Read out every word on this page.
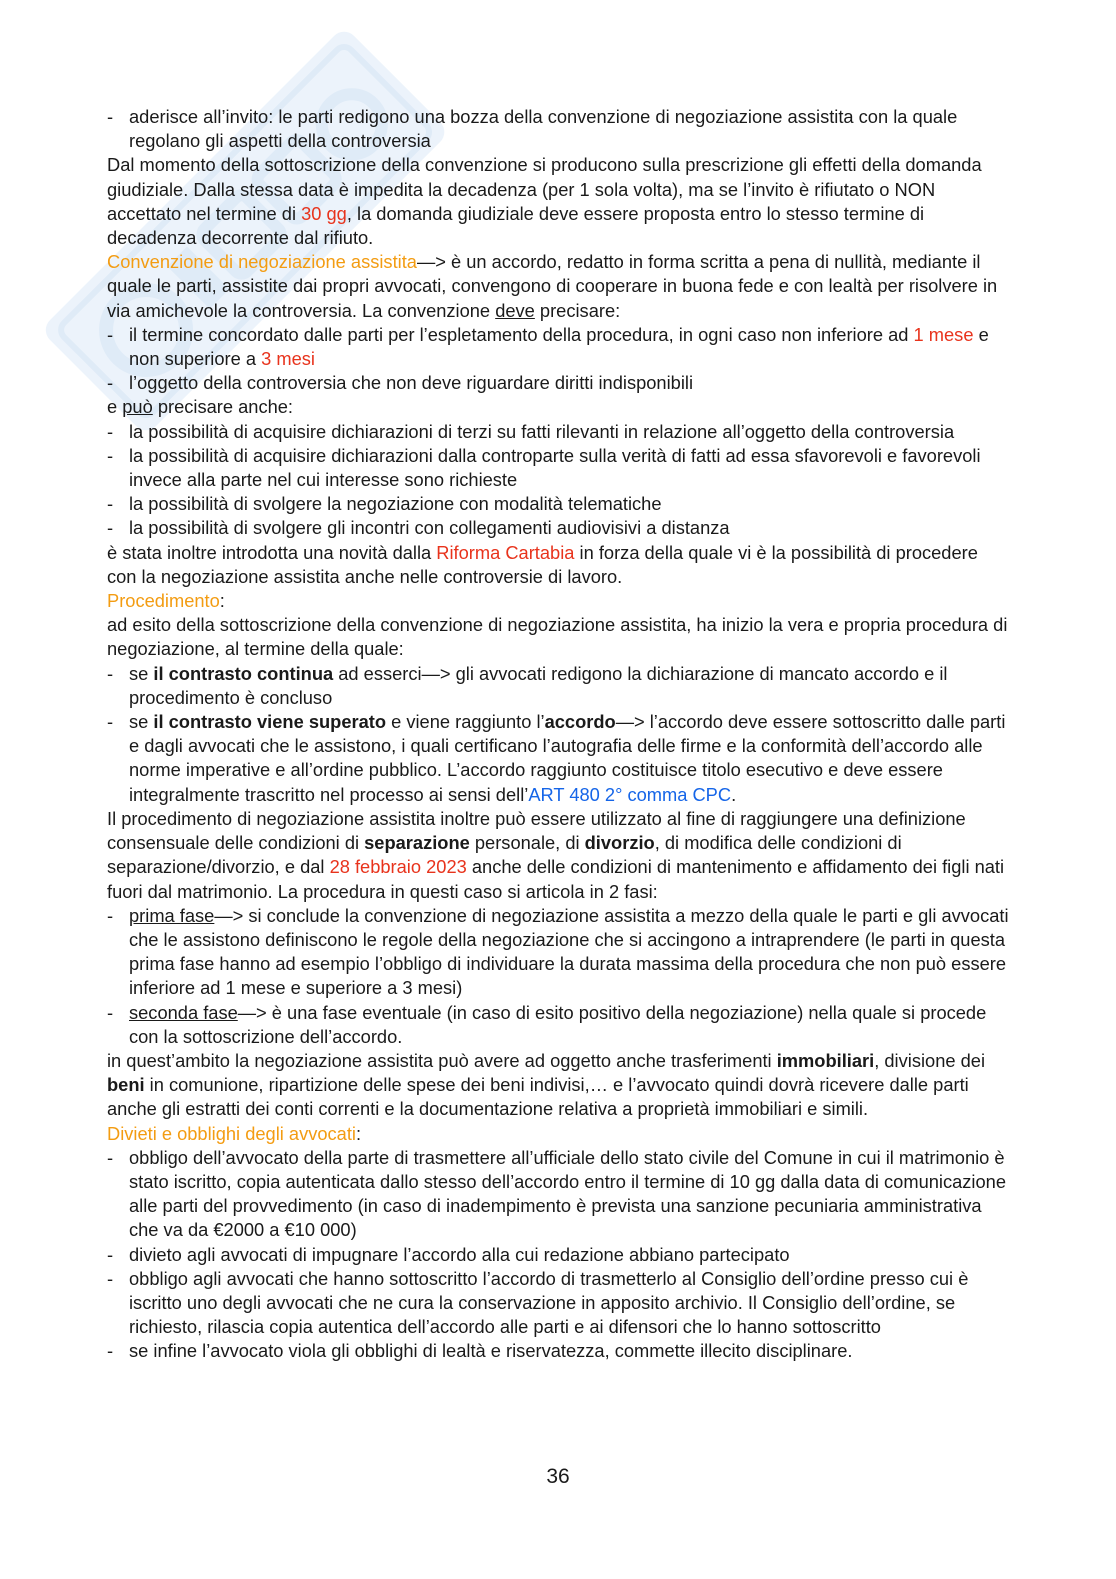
- aderisce all’invito: le parti redigono una bozza della convenzione di negoziazione assistita con la quale regolano gli aspetti della controversia
Dal momento della sottoscrizione della convenzione si producono sulla prescrizione gli effetti della domanda giudiziale. Dalla stessa data è impedita la decadenza (per 1 sola volta), ma se l’invito è rifiutato o NON accettato nel termine di 30 gg, la domanda giudiziale deve essere proposta entro lo stesso termine di decadenza decorrente dal rifiuto.
Convenzione di negoziazione assistita—> è un accordo, redatto in forma scritta a pena di nullità, mediante il quale le parti, assistite dai propri avvocati, convengono di cooperare in buona fede e con lealtà per risolvere in via amichevole la controversia. La convenzione deve precisare:
- il termine concordato dalle parti per l’espletamento della procedura, in ogni caso non inferiore ad 1 mese e non superiore a 3 mesi
- l’oggetto della controversia che non deve riguardare diritti indisponibili
e può precisare anche:
- la possibilità di acquisire dichiarazioni di terzi su fatti rilevanti in relazione all’oggetto della controversia
- la possibilità di acquisire dichiarazioni dalla controparte sulla verità di fatti ad essa sfavorevoli e favorevoli invece alla parte nel cui interesse sono richieste
- la possibilità di svolgere la negoziazione con modalità telematiche
- la possibilità di svolgere gli incontri con collegamenti audiovisivi a distanza
è stata inoltre introdotta una novità dalla Riforma Cartabia in forza della quale vi è la possibilità di procedere con la negoziazione assistita anche nelle controversie di lavoro.
Procedimento:
ad esito della sottoscrizione della convenzione di negoziazione assistita, ha inizio la vera e propria procedura di negoziazione, al termine della quale:
- se il contrasto continua ad esserci—> gli avvocati redigono la dichiarazione di mancato accordo e il procedimento è concluso
- se il contrasto viene superato e viene raggiunto l’accordo—> l’accordo deve essere sottoscritto dalle parti e dagli avvocati che le assistono, i quali certificano l’autografia delle firme e la conformità dell’accordo alle norme imperative e all’ordine pubblico. L’accordo raggiunto costituisce titolo esecutivo e deve essere integralmente trascritto nel processo ai sensi dell’ART 480 2° comma CPC.
Il procedimento di negoziazione assistita inoltre può essere utilizzato al fine di raggiungere una definizione consensuale delle condizioni di separazione personale, di divorzio, di modifica delle condizioni di separazione/divorzio, e dal 28 febbraio 2023 anche delle condizioni di mantenimento e affidamento dei figli nati fuori dal matrimonio. La procedura in questi caso si articola in 2 fasi:
- prima fase—> si conclude la convenzione di negoziazione assistita a mezzo della quale le parti e gli avvocati che le assistono definiscono le regole della negoziazione che si accingono a intraprendere (le parti in questa prima fase hanno ad esempio l’obbligo di individuare la durata massima della procedura che non può essere inferiore ad 1 mese e superiore a 3 mesi)
- seconda fase—> è una fase eventuale (in caso di esito positivo della negoziazione) nella quale si procede con la sottoscrizione dell’accordo.
in quest’ambito la negoziazione assistita può avere ad oggetto anche trasferimenti immobiliari, divisione dei beni in comunione, ripartizione delle spese dei beni indivisi,… e l’avvocato quindi dovrà ricevere dalle parti anche gli estratti dei conti correnti e la documentazione relativa a proprietà immobiliari e simili.
Divieti e obblighi degli avvocati:
- obbligo dell’avvocato della parte di trasmettere all’ufficiale dello stato civile del Comune in cui il matrimonio è stato iscritto, copia autenticata dallo stesso dell’accordo entro il termine di 10 gg dalla data di comunicazione alle parti del provvedimento (in caso di inadempimento è prevista una sanzione pecuniaria amministrativa che va da €2000 a €10 000)
- divieto agli avvocati di impugnare l’accordo alla cui redazione abbiano partecipato
- obbligo agli avvocati che hanno sottoscritto l’accordo di trasmetterlo al Consiglio dell’ordine presso cui è iscritto uno degli avvocati che ne cura la conservazione in apposito archivio. Il Consiglio dell’ordine, se richiesto, rilascia copia autentica dell’accordo alle parti e ai difensori che lo hanno sottoscritto
- se infine l’avvocato viola gli obblighi di lealtà e riservatezza, commette illecito disciplinare.
36
